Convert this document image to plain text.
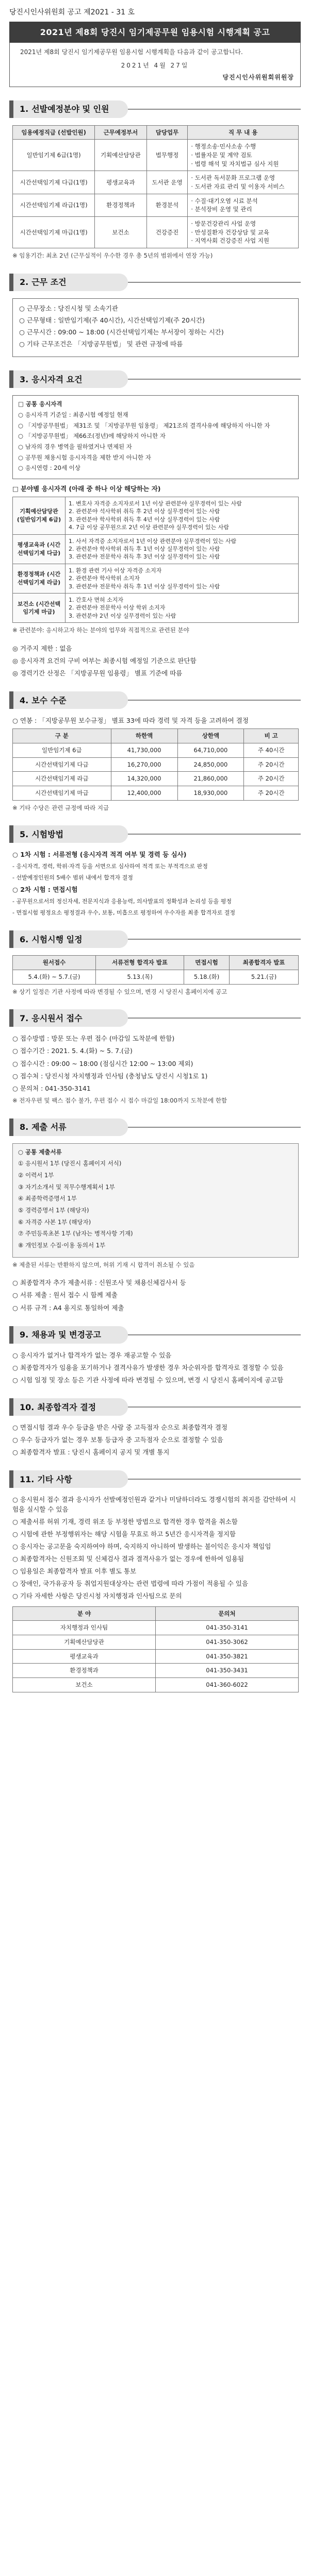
당진시인사위원회 공고 제2021 - 31 호
2021년 제8회 당진시 임기제공무원 임용시험 시행계획 공고

2021년 제8회 당진시 임기제공무원 임용시험 시행계획을 다음과 같이 공고합니다.

2021년 4월 27일
당진시인사위원회위원장
1. 선발예정분야 및 인원
임용예정직급 (선발인원)	근무예정부서	담당업무	직 무 내 용
일반임기제 6급(1명)	기획예산담당관	법무행정	· 행정소송·민사소송 수행
· 법률자문 및 계약 검토
· 법령 해석 및 자치법규 심사 지원
시간선택임기제 다급(1명)	평생교육과	도서관 운영	· 도서관 독서문화 프로그램 운영
· 도서관 자료 관리 및 이용자 서비스
시간선택임기제 라급(1명)	환경정책과	환경분석	· 수질·대기오염 시료 분석
· 분석장비 운영 및 관리
시간선택임기제 마급(1명)	보건소	건강증진	· 방문건강관리 사업 운영
· 만성질환자 건강상담 및 교육
· 지역사회 건강증진 사업 지원

※ 임용기간: 최초 2년 (근무실적이 우수한 경우 총 5년의 범위에서 연장 가능)

2. 근무 조건

○ 근무장소 : 당진시청 및 소속기관

○ 근무형태 : 일반임기제(주 40시간), 시간선택임기제(주 20시간)

○ 근무시간 : 09:00 ~ 18:00 (시간선택임기제는 부서장이 정하는 시간)

○ 기타 근무조건은 「지방공무원법」 및 관련 규정에 따름

3. 응시자격 요건

□ 공통 응시자격

○ 응시자격 기준일 : 최종시험 예정일 현재

○ 「지방공무원법」 제31조 및 「지방공무원 임용령」 제21조의 결격사유에 해당하지 아니한 자

○ 「지방공무원법」 제66조(정년)에 해당하지 아니한 자

○ 남자의 경우 병역을 필하였거나 면제된 자

○ 공무원 채용시험 응시자격을 제한 받지 아니한 자

○ 응시연령 : 20세 이상

□ 분야별 응시자격 (아래 중 하나 이상 해당하는 자)

기획예산담당관 (일반임기제 6급)	1. 변호사 자격증 소지자로서 1년 이상 관련분야 실무경력이 있는 사람
2. 관련분야 석사학위 취득 후 2년 이상 실무경력이 있는 사람
3. 관련분야 학사학위 취득 후 4년 이상 실무경력이 있는 사람
4. 7급 이상 공무원으로 2년 이상 관련분야 실무경력이 있는 사람
평생교육과 (시간선택임기제 다급)	1. 사서 자격증 소지자로서 1년 이상 관련분야 실무경력이 있는 사람
2. 관련분야 학사학위 취득 후 1년 이상 실무경력이 있는 사람
3. 관련분야 전문학사 취득 후 3년 이상 실무경력이 있는 사람
환경정책과 (시간선택임기제 라급)	1. 환경 관련 기사 이상 자격증 소지자
2. 관련분야 학사학위 소지자
3. 관련분야 전문학사 취득 후 1년 이상 실무경력이 있는 사람
보건소 (시간선택임기제 마급)	1. 간호사 면허 소지자
2. 관련분야 전문학사 이상 학위 소지자
3. 관련분야 2년 이상 실무경력이 있는 사람

※ 관련분야: 응시하고자 하는 분야의 업무와 직접적으로 관련된 분야

◎ 거주지 제한 : 없음

◎ 응시자격 요건의 구비 여부는 최종시험 예정일 기준으로 판단함

◎ 경력기간 산정은 「지방공무원 임용령」 별표 기준에 따름

4. 보수 수준

○ 연봉 : 「지방공무원 보수규정」 별표 33에 따라 경력 및 자격 등을 고려하여 결정

구 분	하한액	상한액	비 고
일반임기제 6급	41,730,000	64,710,000	주 40시간
시간선택임기제 다급	16,270,000	24,850,000	주 20시간
시간선택임기제 라급	14,320,000	21,860,000	주 20시간
시간선택임기제 마급	12,400,000	18,930,000	주 20시간

※ 기타 수당은 관련 규정에 따라 지급

5. 시험방법

○ 1차 시험 : 서류전형 (응시자격 적격 여부 및 경력 등 심사)

- 응시자격, 경력, 학위·자격 등을 서면으로 심사하여 적격 또는 부적격으로 판정

- 선발예정인원의 5배수 범위 내에서 합격자 결정

○ 2차 시험 : 면접시험

- 공무원으로서의 정신자세, 전문지식과 응용능력, 의사발표의 정확성과 논리성 등을 평정

- 면접시험 평정요소 평정결과 우수, 보통, 미흡으로 평정하여 우수자를 최종 합격자로 결정

6. 시험시행 일정
원서접수	서류전형 합격자 발표	면접시험	최종합격자 발표
5.4.(화) ~ 5.7.(금)	5.13.(목)	5.18.(화)	5.21.(금)

※ 상기 일정은 기관 사정에 따라 변경될 수 있으며, 변경 시 당진시 홈페이지에 공고

7. 응시원서 접수

○ 접수방법 : 방문 또는 우편 접수 (마감일 도착분에 한함)

○ 접수기간 : 2021. 5. 4.(화) ~ 5. 7.(금)

○ 접수시간 : 09:00 ~ 18:00 (점심시간 12:00 ~ 13:00 제외)

○ 접수처 : 당진시청 자치행정과 인사팀 (충청남도 당진시 시청1로 1)

○ 문의처 : 041-350-3141

※ 전자우편 및 팩스 접수 불가, 우편 접수 시 접수 마감일 18:00까지 도착분에 한함

8. 제출 서류

○ 공통 제출서류

① 응시원서 1부 (당진시 홈페이지 서식)

② 이력서 1부

③ 자기소개서 및 직무수행계획서 1부

④ 최종학력증명서 1부

⑤ 경력증명서 1부 (해당자)

⑥ 자격증 사본 1부 (해당자)

⑦ 주민등록초본 1부 (남자는 병적사항 기재)

⑧ 개인정보 수집·이용 동의서 1부

※ 제출된 서류는 반환하지 않으며, 허위 기재 시 합격이 취소될 수 있음

○ 최종합격자 추가 제출서류 : 신원조사 및 채용신체검사서 등

○ 서류 제출 : 원서 접수 시 함께 제출

○ 서류 규격 : A4 용지로 통일하여 제출

9. 채용과 및 변경공고

○ 응시자가 없거나 합격자가 없는 경우 재공고할 수 있음

○ 최종합격자가 임용을 포기하거나 결격사유가 발생한 경우 차순위자를 합격자로 결정할 수 있음

○ 시험 일정 및 장소 등은 기관 사정에 따라 변경될 수 있으며, 변경 시 당진시 홈페이지에 공고함

10. 최종합격자 결정

○ 면접시험 결과 우수 등급을 받은 사람 중 고득점자 순으로 최종합격자 결정

○ 우수 등급자가 없는 경우 보통 등급자 중 고득점자 순으로 결정할 수 있음

○ 최종합격자 발표 : 당진시 홈페이지 공지 및 개별 통지

11. 기타 사항

○ 응시원서 접수 결과 응시자가 선발예정인원과 같거나 미달하더라도 경쟁시험의 취지를 감안하여 시험을 실시할 수 있음

○ 제출서류 허위 기재, 경력 위조 등 부정한 방법으로 합격한 경우 합격을 취소함

○ 시험에 관한 부정행위자는 해당 시험을 무효로 하고 5년간 응시자격을 정지함

○ 응시자는 공고문을 숙지하여야 하며, 숙지하지 아니하여 발생하는 불이익은 응시자 책임임

○ 최종합격자는 신원조회 및 신체검사 결과 결격사유가 없는 경우에 한하여 임용됨

○ 임용일은 최종합격자 발표 이후 별도 통보

○ 장애인, 국가유공자 등 취업지원대상자는 관련 법령에 따라 가점이 적용될 수 있음

○ 기타 자세한 사항은 당진시청 자치행정과 인사팀으로 문의

분 야	문의처
자치행정과 인사팀	041-350-3141
기획예산담당관	041-350-3062
평생교육과	041-350-3821
환경정책과	041-350-3431
보건소	041-360-6022
